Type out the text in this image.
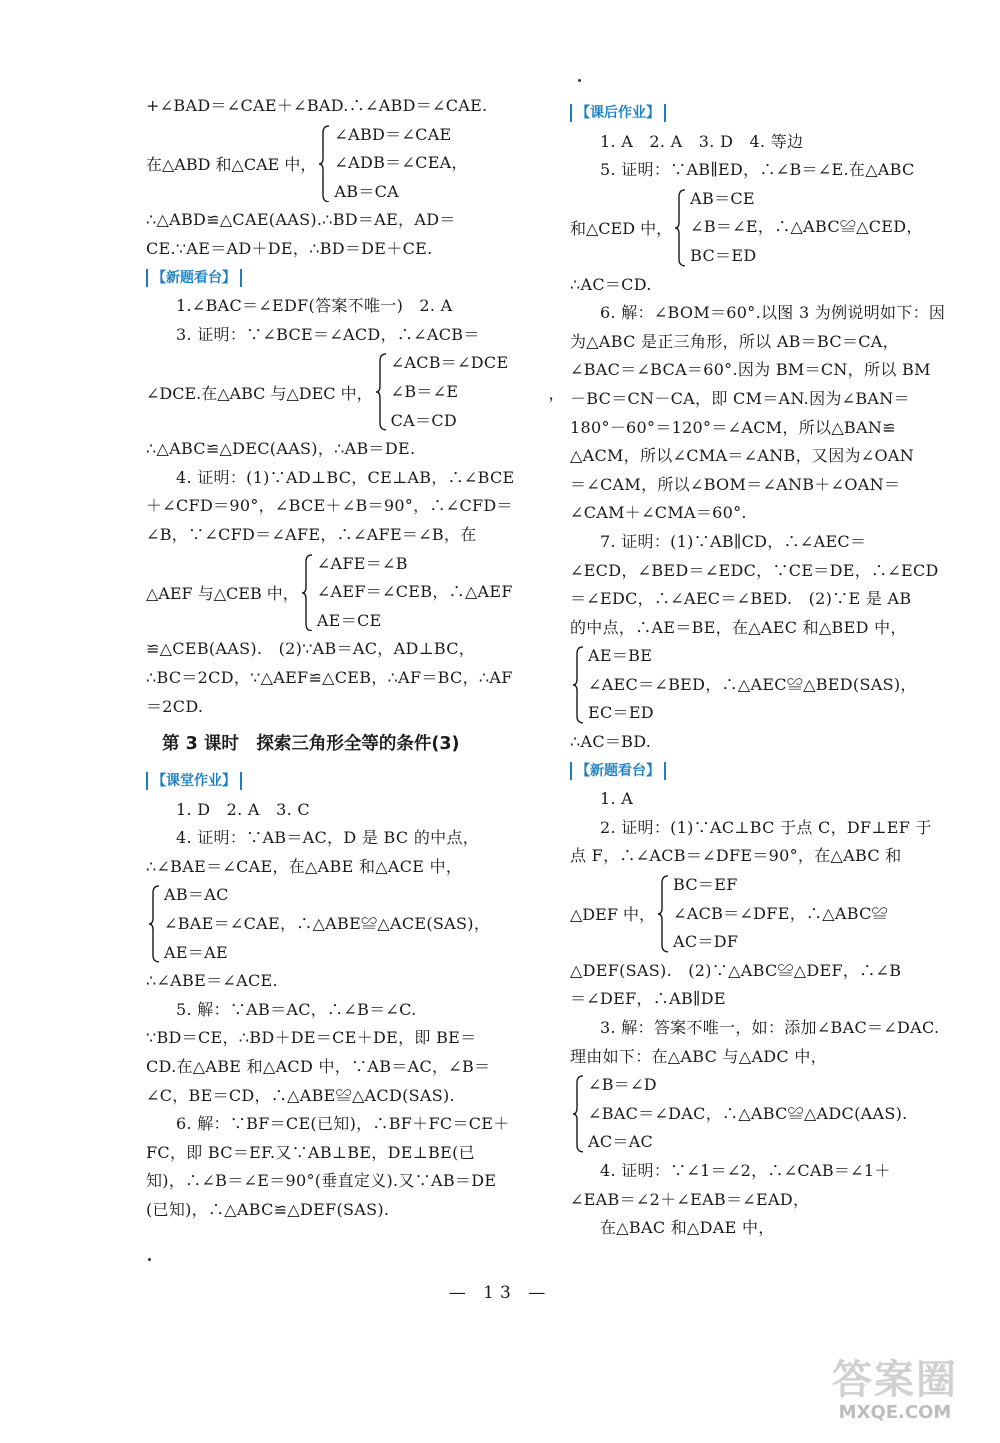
+∠BAD＝∠CAE＋∠BAD.∴∠ABD＝∠CAE.
在△ABD 和△CAE 中，
∠ABD＝∠CAE
∠ADB＝∠CEA，
AB＝CA
∴△ABD≌△CAE(AAS).∴BD＝AE，AD＝
CE.∵AE＝AD＋DE，∴BD＝DE＋CE.
【新题看台】
1.∠BAC＝∠EDF(答案不唯一)　2. A
3. 证明：∵∠BCE＝∠ACD，∴∠ACB＝
∠DCE.在△ABC 与△DEC 中，
∠ACB＝∠DCE
∠B＝∠E
CA＝CD
，
∴△ABC≌△DEC(AAS)，∴AB＝DE.
4. 证明：(1)∵AD⊥BC，CE⊥AB，∴∠BCE
＋∠CFD＝90°，∠BCE＋∠B＝90°，∴∠CFD＝
∠B，∵∠CFD＝∠AFE，∴∠AFE＝∠B，在
△AEF 与△CEB 中，
∠AFE＝∠B
∠AEF＝∠CEB，∴△AEF
AE＝CE
≌△CEB(AAS).　(2)∵AB＝AC，AD⊥BC，
∴BC＝2CD，∵△AEF≌△CEB，∴AF＝BC，∴AF
＝2CD.
第 3 课时　探索三角形全等的条件(3)
【课堂作业】
1. D　2. A　3. C
4. 证明：∵AB＝AC，D 是 BC 的中点，
∴∠BAE＝∠CAE，在△ABE 和△ACE 中，
AB＝AC
∠BAE＝∠CAE，∴△ABE≌△ACE(SAS)，
AE＝AE
∴∠ABE＝∠ACE.
5. 解：∵AB＝AC，∴∠B＝∠C.
∵BD＝CE，∴BD＋DE＝CE＋DE，即 BE＝
CD.在△ABE 和△ACD 中，∵AB＝AC，∠B＝
∠C，BE＝CD，∴△ABE≌△ACD(SAS).
6. 解：∵BF＝CE(已知)，∴BF＋FC＝CE＋
FC，即 BC＝EF.又∵AB⊥BE，DE⊥BE(已
知)，∴∠B＝∠E＝90°(垂直定义).又∵AB＝DE
(已知)，∴△ABC≌△DEF(SAS).
【课后作业】
1. A　2. A　3. D　4. 等边
5. 证明：∵AB∥ED，∴∠B＝∠E.在△ABC
和△CED 中，
AB＝CE
∠B＝∠E，∴△ABC≌△CED，
BC＝ED
∴AC＝CD.
6. 解：∠BOM＝60°.以图 3 为例说明如下：因
为△ABC 是正三角形，所以 AB＝BC＝CA，
∠BAC＝∠BCA＝60°.因为 BM＝CN，所以 BM
－BC＝CN－CA，即 CM＝AN.因为∠BAN＝
180°－60°＝120°＝∠ACM，所以△BAN≌
△ACM，所以∠CMA＝∠ANB，又因为∠OAN
＝∠CAM，所以∠BOM＝∠ANB＋∠OAN＝
∠CAM＋∠CMA＝60°.
7. 证明：(1)∵AB∥CD，∴∠AEC＝
∠ECD，∠BED＝∠EDC，∵CE＝DE，∴∠ECD
＝∠EDC，∴∠AEC＝∠BED.　(2)∵E 是 AB
的中点，∴AE＝BE，在△AEC 和△BED 中，
AE＝BE
∠AEC＝∠BED，∴△AEC≌△BED(SAS)，
EC＝ED
∴AC＝BD.
【新题看台】
1. A
2. 证明：(1)∵AC⊥BC 于点 C，DF⊥EF 于
点 F，∴∠ACB＝∠DFE＝90°，在△ABC 和
△DEF 中，
BC＝EF
∠ACB＝∠DFE，∴△ABC≌
AC＝DF
△DEF(SAS).　(2)∵△ABC≌△DEF，∴∠B
＝∠DEF，∴AB∥DE
3. 解：答案不唯一，如：添加∠BAC＝∠DAC.
理由如下：在△ABC 与△ADC 中，
∠B＝∠D
∠BAC＝∠DAC，∴△ABC≌△ADC(AAS).
AC＝AC
4. 证明：∵∠1＝∠2，∴∠CAB＝∠1＋
∠EAB＝∠2＋∠EAB＝∠EAD，
在△BAC 和△DAE 中，
— 13 —
答案圈
MXQE.COM
